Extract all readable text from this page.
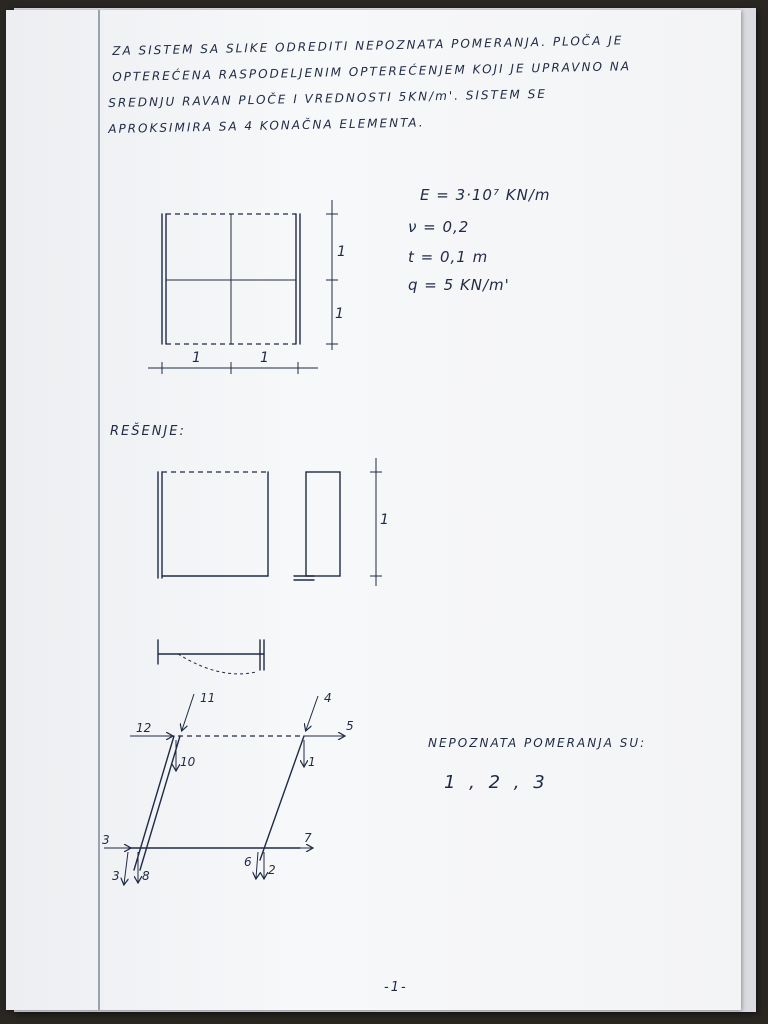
ZA SISTEM SA SLIKE ODREDITI NEPOZNATA POMERANJA. PLOČA JE
OPTEREĆENA RASPODELJENIM OPTEREĆENJEM KOJI JE UPRAVNO NA
SREDNJU RAVAN PLOČE I VREDNOSTI 5KN/m'. SISTEM SE
APROKSIMIRA SA 4 KONAČNA ELEMENTA.
E = 3·10⁷ KN/m
ν = 0,2
t = 0,1 m
q = 5 KN/m'
REŠENJE:
NEPOZNATA POMERANJA SU:
1 , 2 , 3
-1-
1
1
1	1
1
11
12
10
4
5
1
3	7
3 8
6
2
